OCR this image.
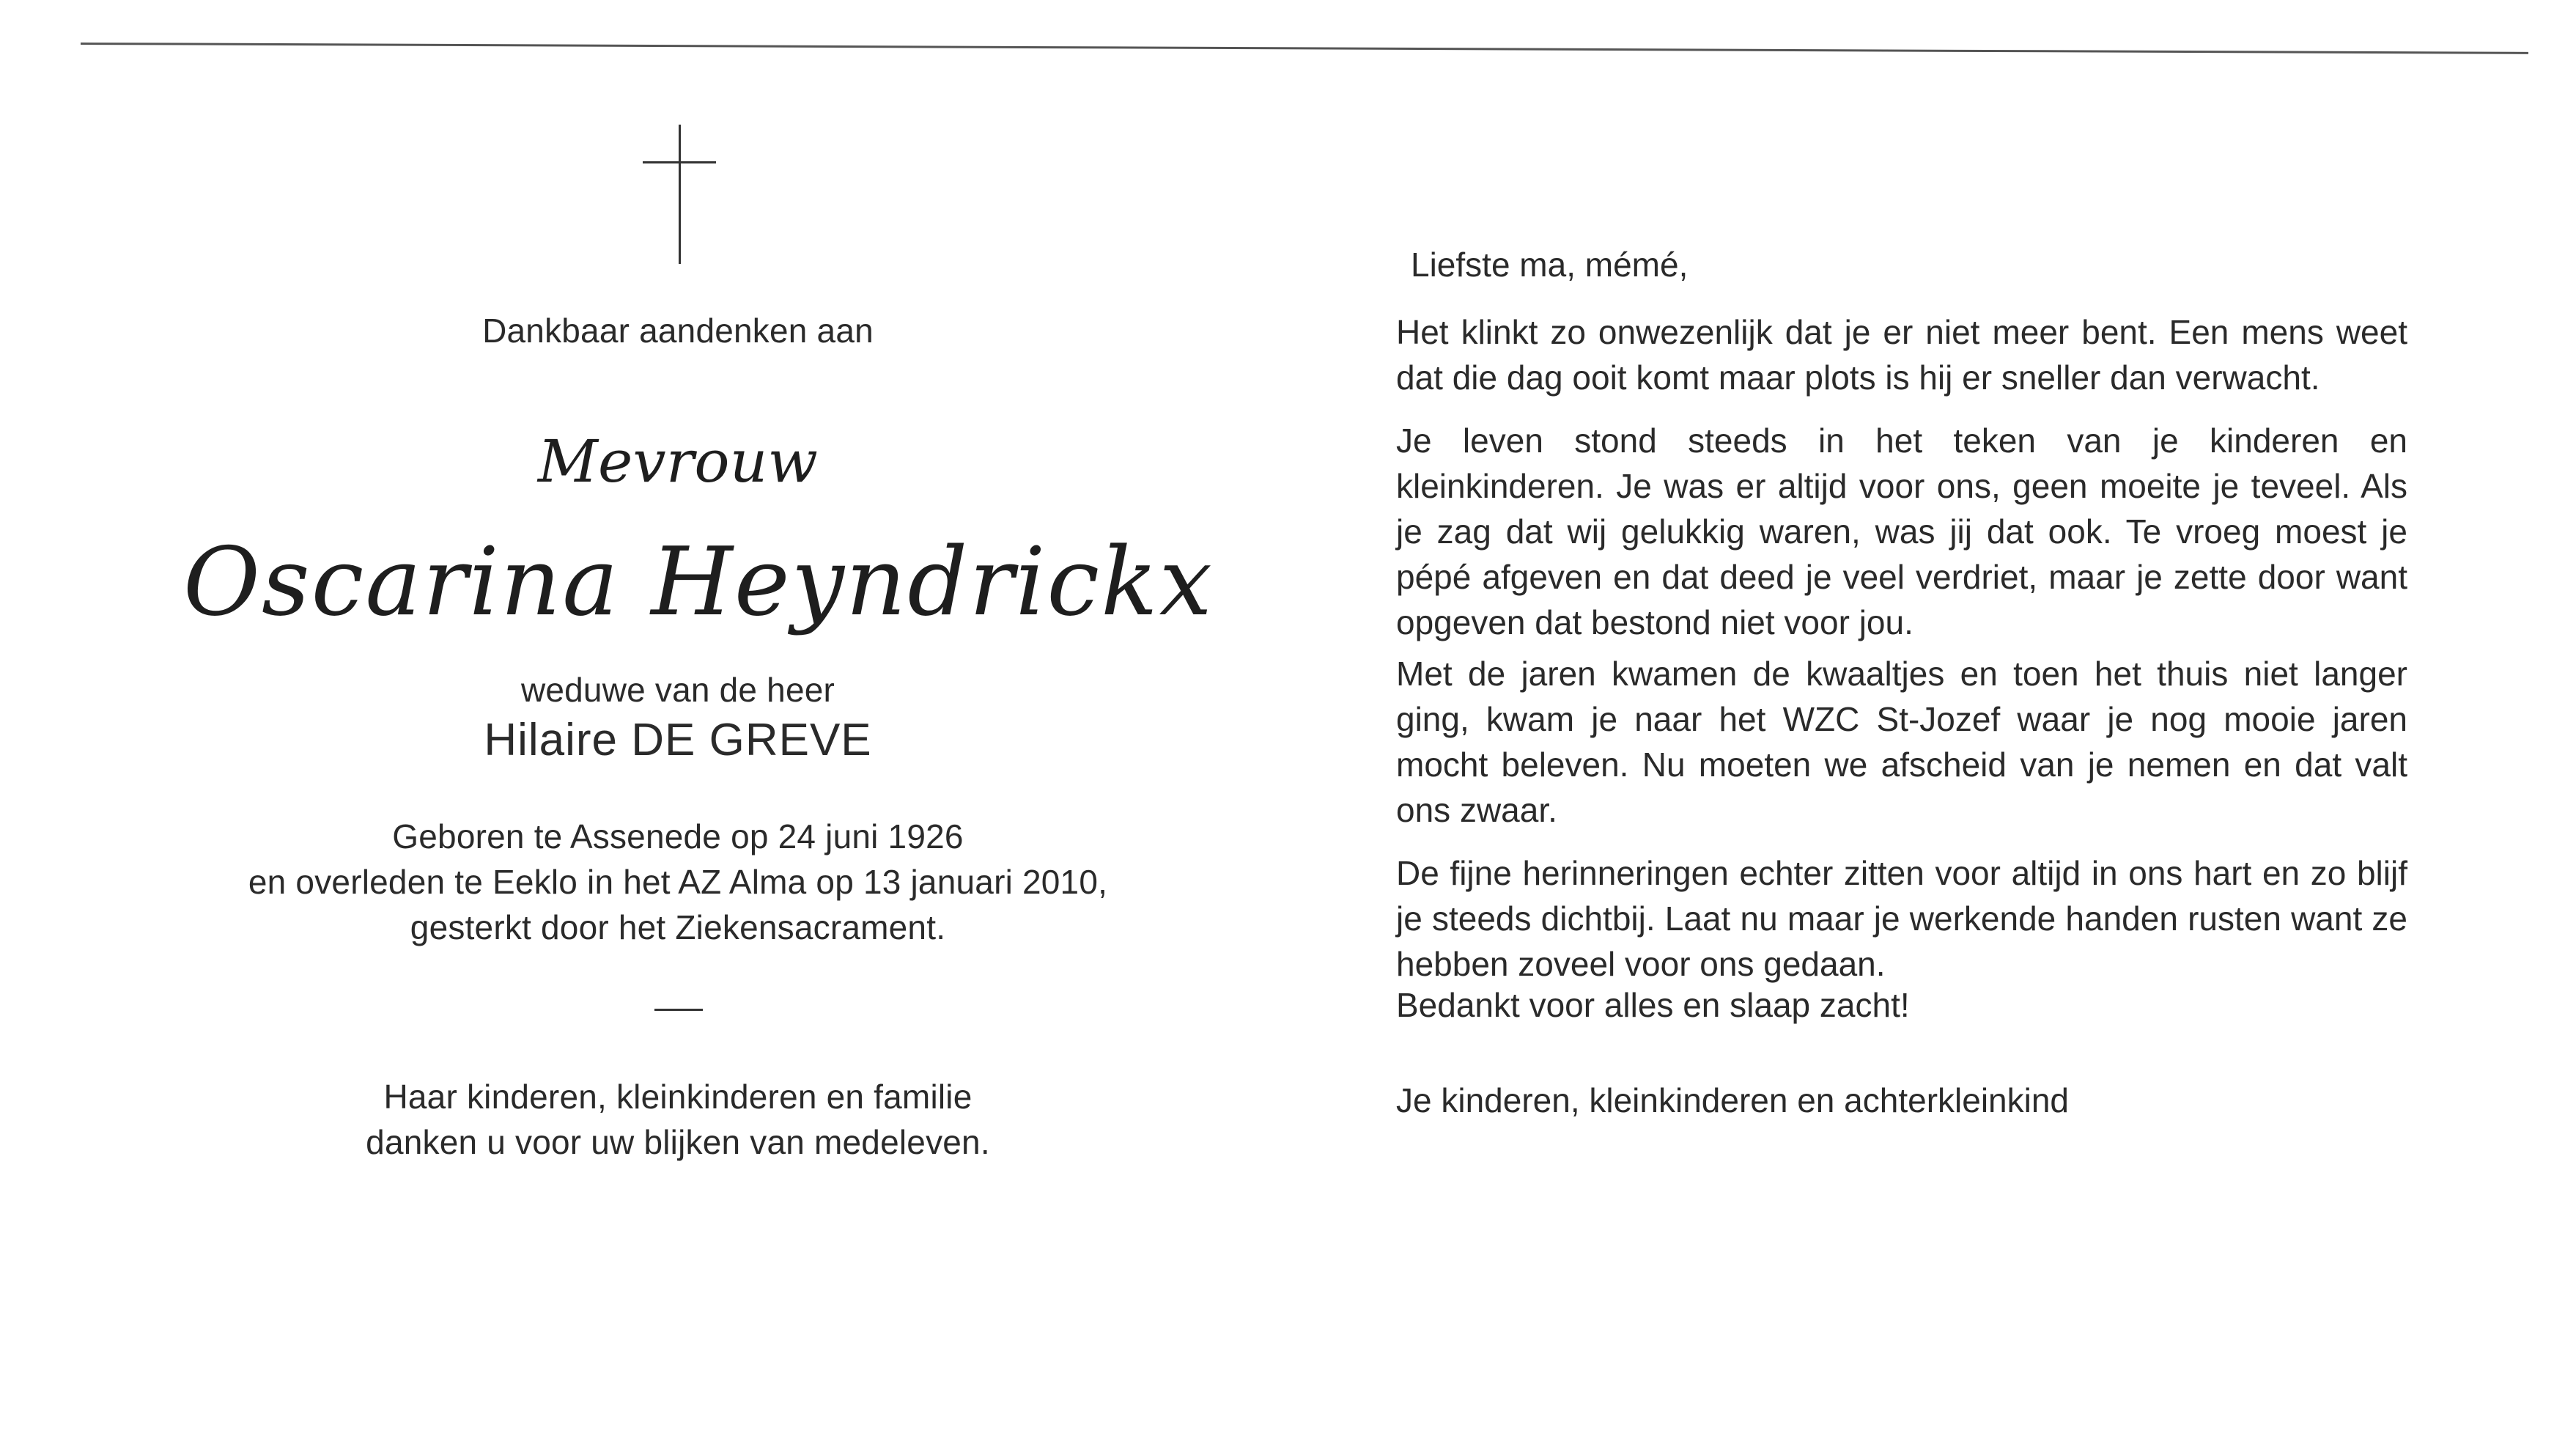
Dankbaar aandenken aan
Mevrouw
Oscarina Heyndrickx
weduwe van de heer
Hilaire DE GREVE
Geboren te Assenede op 24 juni 1926
en overleden te Eeklo in het AZ Alma op 13 januari 2010,
gesterkt door het Ziekensacrament.
Haar kinderen, kleinkinderen en familie
danken u voor uw blijken van medeleven.
Liefste ma, mémé,

Het klinkt zo onwezenlijk dat je er niet meer bent. Een mens weet dat die dag ooit komt maar plots is hij er sneller dan verwacht.

Je leven stond steeds in het teken van je kinderen en kleinkinderen. Je was er altijd voor ons, geen moeite je teveel. Als je zag dat wij gelukkig waren, was jij dat ook. Te vroeg moest je pépé afgeven en dat deed je veel verdriet, maar je zette door want opgeven dat bestond niet voor jou.

Met de jaren kwamen de kwaaltjes en toen het thuis niet langer ging, kwam je naar het WZC St-Jozef waar je nog mooie jaren mocht beleven. Nu moeten we afscheid van je nemen en dat valt ons zwaar.

De fijne herinneringen echter zitten voor altijd in ons hart en zo blijf je steeds dichtbij. Laat nu maar je werkende handen rusten want ze hebben zoveel voor ons gedaan.

Bedankt voor alles en slaap zacht!
Je kinderen, kleinkinderen en achterkleinkind
